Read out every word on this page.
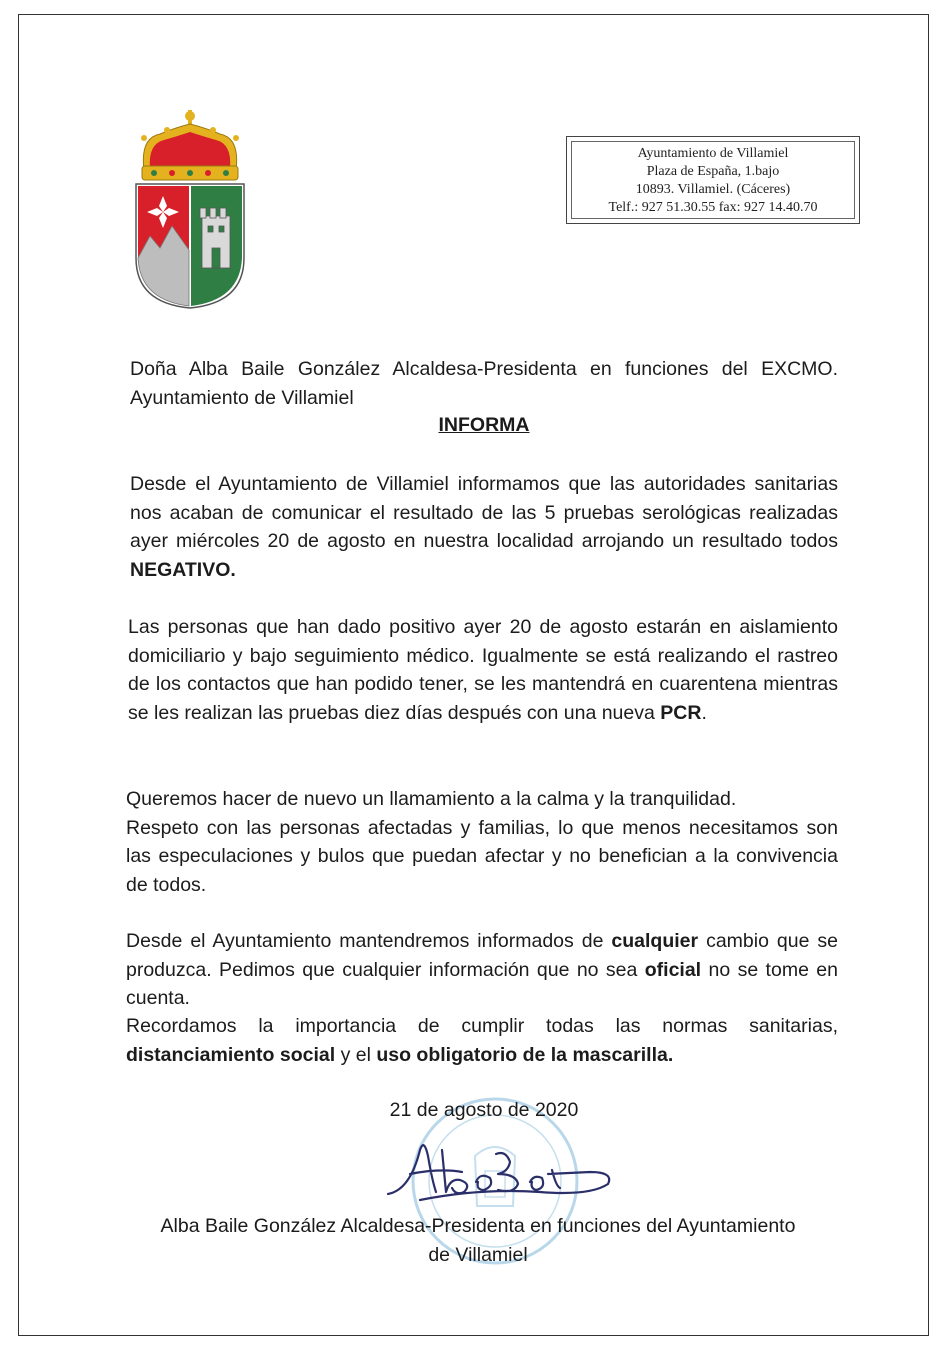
Ayuntamiento de Villamiel
Plaza de España, 1.bajo
10893. Villamiel. (Cáceres)
Telf.: 927 51.30.55 fax: 927 14.40.70
Doña Alba Baile González Alcaldesa-Presidenta en funciones del EXCMO. Ayuntamiento de Villamiel
INFORMA
Desde el Ayuntamiento de Villamiel informamos que las autoridades sanitarias nos acaban de comunicar el resultado de las 5 pruebas serológicas realizadas ayer miércoles 20 de agosto en nuestra localidad arrojando un resultado todos NEGATIVO.
Las personas que han dado positivo ayer 20 de agosto estarán en aislamiento domiciliario y bajo seguimiento médico. Igualmente se está realizando el rastreo de los contactos que han podido tener, se les mantendrá en cuarentena mientras se les realizan las pruebas diez días después con una nueva PCR.
Queremos hacer de nuevo un llamamiento a la calma y la tranquilidad.
Respeto con las personas afectadas y familias, lo que menos necesitamos son las especulaciones y bulos que puedan afectar y no benefician a la convivencia de todos.
Desde el Ayuntamiento mantendremos informados de cualquier cambio que se produzca. Pedimos que cualquier información que no sea oficial no se tome en cuenta.
Recordamos la importancia de cumplir todas las normas sanitarias, distanciamiento social y el uso obligatorio de la mascarilla.
21 de agosto de 2020
Alba Baile González Alcaldesa-Presidenta en funciones del Ayuntamiento
de Villamiel
